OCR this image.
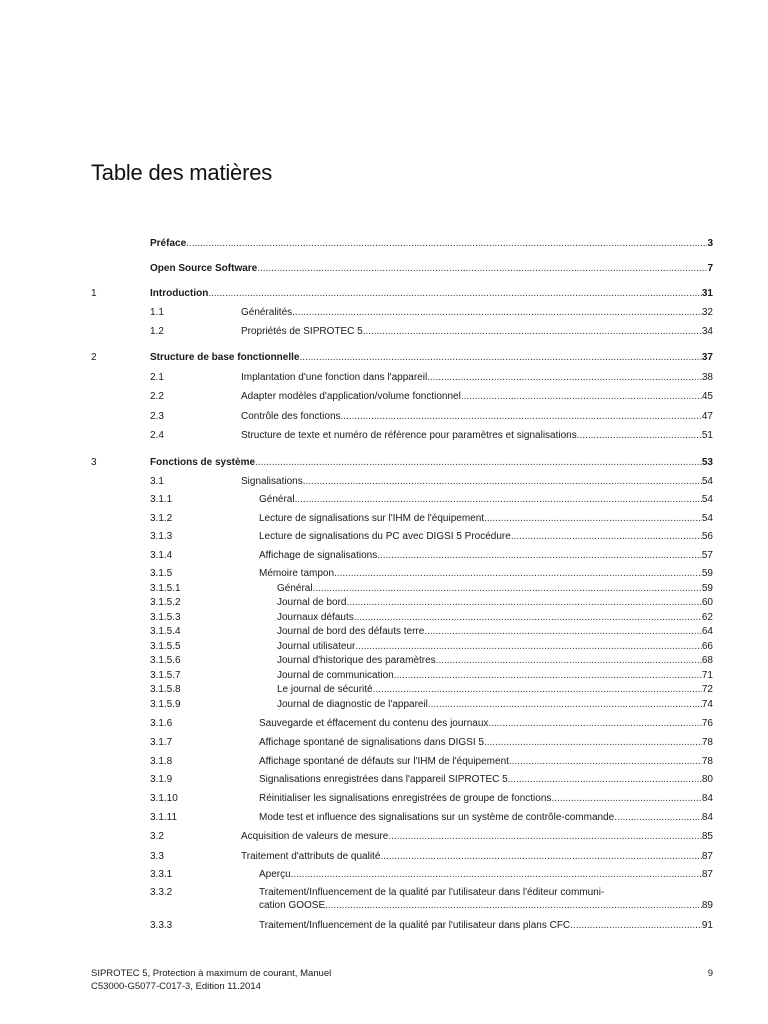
Table des matières
Préface .....	3
Open Source Software .....	7
1	Introduction .....	31
1.1	Généralités .....	32
1.2	Propriétés de SIPROTEC 5 .....	34
2	Structure de base fonctionnelle .....	37
2.1	Implantation d'une fonction dans l'appareil .....	38
2.2	Adapter modèles d'application/volume fonctionnel .....	45
2.3	Contrôle des fonctions .....	47
2.4	Structure de texte et numéro de référence pour paramètres et signalisations .....	51
3	Fonctions de système .....	53
3.1	Signalisations .....	54
3.1.1	Général .....	54
3.1.2	Lecture de signalisations sur l'IHM de l'équipement .....	54
3.1.3	Lecture de signalisations du PC avec DIGSI 5 Procédure .....	56
3.1.4	Affichage de signalisations .....	57
3.1.5	Mémoire tampon .....	59
3.1.5.1	Général .....	59
3.1.5.2	Journal de bord .....	60
3.1.5.3	Journaux défauts .....	62
3.1.5.4	Journal de bord des défauts terre .....	64
3.1.5.5	Journal utilisateur .....	66
3.1.5.6	Journal d'historique des paramètres .....	68
3.1.5.7	Journal de communication .....	71
3.1.5.8	Le journal de sécurité .....	72
3.1.5.9	Journal de diagnostic de l'appareil .....	74
3.1.6	Sauvegarde et éffacement du contenu des journaux .....	76
3.1.7	Affichage spontané de signalisations dans DIGSI 5 .....	78
3.1.8	Affichage spontané de défauts sur l'IHM de l'équipement .....	78
3.1.9	Signalisations enregistrées dans l'appareil SIPROTEC 5 .....	80
3.1.10	Réinitialiser les signalisations enregistrées de groupe de fonctions .....	84
3.1.11	Mode test et influence des signalisations sur un système de contrôle-commande .....	84
3.2	Acquisition de valeurs de mesure .....	85
3.3	Traitement d'attributs de qualité .....	87
3.3.1	Aperçu .....	87
3.3.2	Traitement/Influencement de la qualité par l'utilisateur dans l'éditeur communi-
cation GOOSE .....	89
3.3.3	Traitement/Influencement de la qualité par l'utilisateur dans plans CFC .....	91
SIPROTEC 5, Protection à maximum de courant, Manuel
C53000-G5077-C017-3, Edition 11.2014
9
